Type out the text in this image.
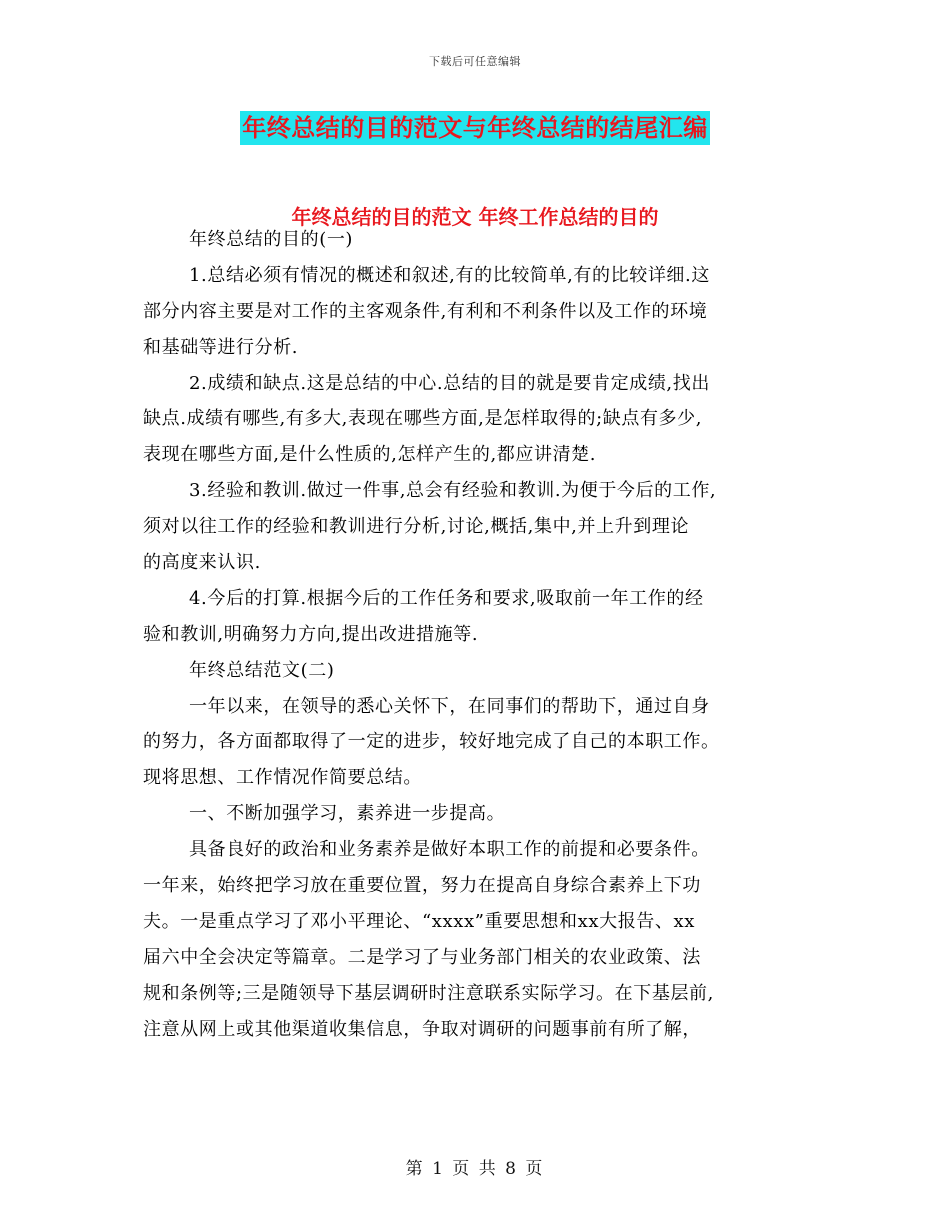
下载后可任意编辑
年终总结的目的范文与年终总结的结尾汇编
年终总结的目的范文 年终工作总结的目的
年终总结的目的(一)
1.总结必须有情况的概述和叙述,有的比较简单,有的比较详细.这
部分内容主要是对工作的主客观条件,有利和不利条件以及工作的环境
和基础等进行分析.
2.成绩和缺点.这是总结的中心.总结的目的就是要肯定成绩,找出
缺点.成绩有哪些,有多大,表现在哪些方面,是怎样取得的;缺点有多少,
表现在哪些方面,是什么性质的,怎样产生的,都应讲清楚.
3.经验和教训.做过一件事,总会有经验和教训.为便于今后的工作,
须对以往工作的经验和教训进行分析,讨论,概括,集中,并上升到理论
的高度来认识.
4.今后的打算.根据今后的工作任务和要求,吸取前一年工作的经
验和教训,明确努力方向,提出改进措施等.
年终总结范文(二)
一年以来，在领导的悉心关怀下，在同事们的帮助下，通过自身
的努力，各方面都取得了一定的进步，较好地完成了自己的本职工作。
现将思想、工作情况作简要总结。
一、不断加强学习，素养进一步提高。
具备良好的政治和业务素养是做好本职工作的前提和必要条件。
一年来，始终把学习放在重要位置，努力在提高自身综合素养上下功
夫。一是重点学习了邓小平理论、“xxxx”重要思想和xx大报告、xx
届六中全会决定等篇章。二是学习了与业务部门相关的农业政策、法
规和条例等;三是随领导下基层调研时注意联系实际学习。在下基层前,
注意从网上或其他渠道收集信息，争取对调研的问题事前有所了解，
第 1 页 共 8 页
